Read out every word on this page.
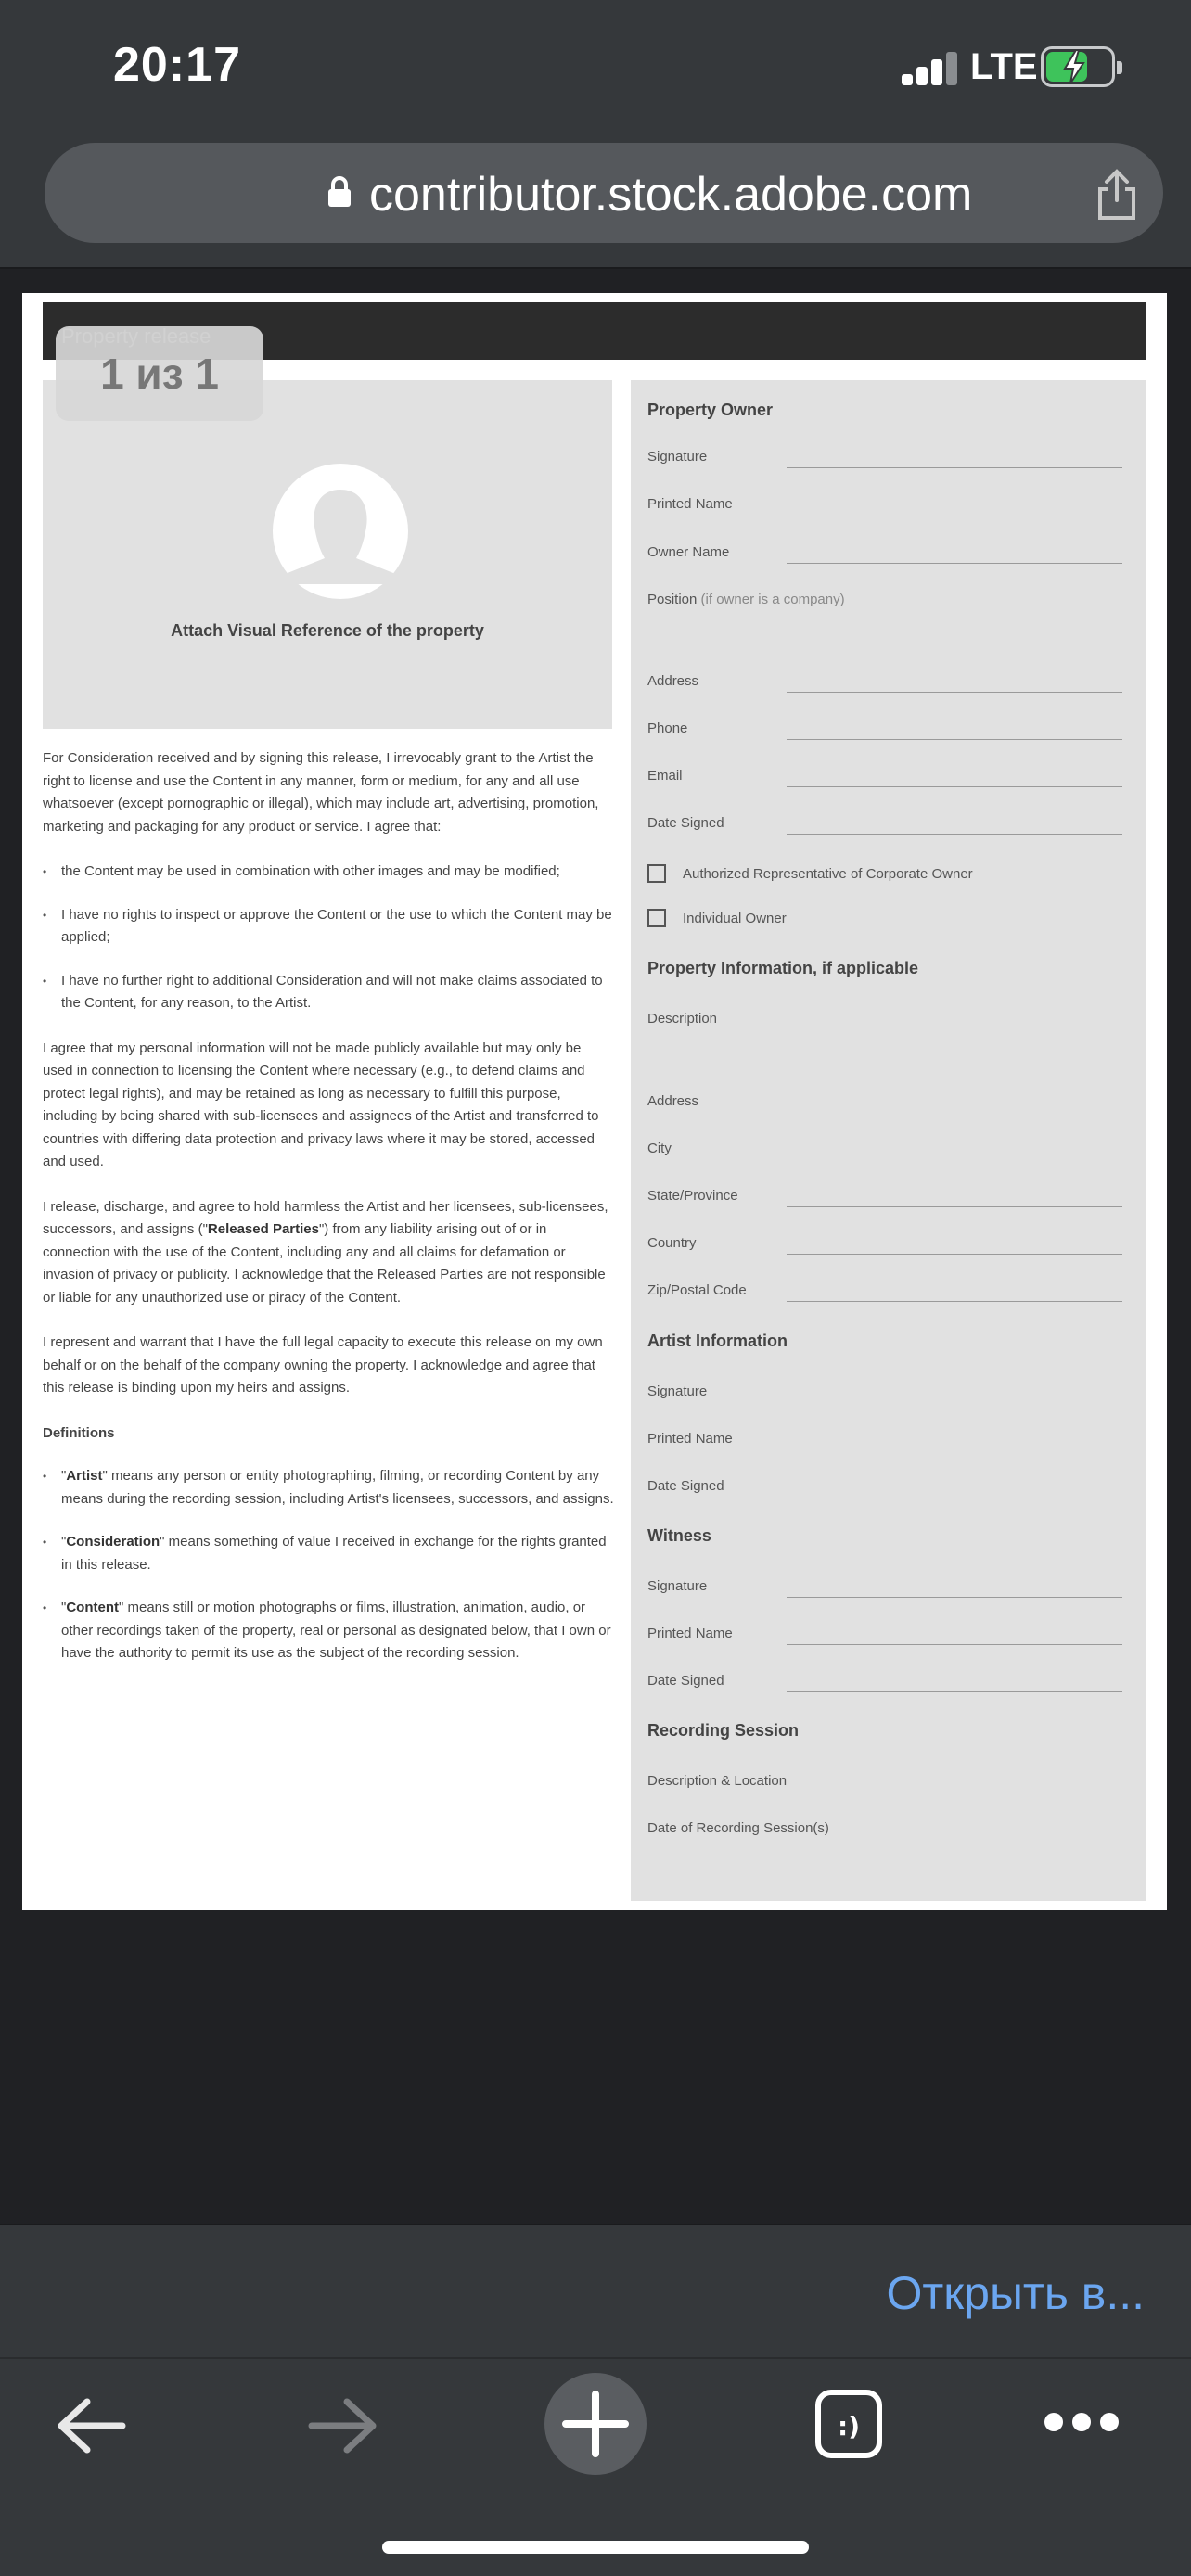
20:17	LTE
contributor.stock.adobe.com
Attach Visual Reference of the property

For Consideration received and by signing this release, I irrevocably grant to the Artist the right to license and use the Content in any manner, form or medium, for any and all use whatsoever (except pornographic or illegal), which may include art, advertising, promotion, marketing and packaging for any product or service. I agree that:

• the Content may be used in combination with other images and may be modified;
• I have no rights to inspect or approve the Content or the use to which the Content may be applied;
• I have no further right to additional Consideration and will not make claims associated to the Content, for any reason, to the Artist.

I agree that my personal information will not be made publicly available but may only be used in connection to licensing the Content where necessary (e.g., to defend claims and protect legal rights), and may be retained as long as necessary to fulfill this purpose, including by being shared with sub-licensees and assignees of the Artist and transferred to countries with differing data protection and privacy laws where it may be stored, accessed and used.

I release, discharge, and agree to hold harmless the Artist and her licensees, sub-licensees, successors, and assigns ("Released Parties") from any liability arising out of or in connection with the use of the Content, including any and all claims for defamation or invasion of privacy or publicity. I acknowledge that the Released Parties are not responsible or liable for any unauthorized use or piracy of the Content.

I represent and warrant that I have the full legal capacity to execute this release on my own behalf or on the behalf of the company owning the property. I acknowledge and agree that this release is binding upon my heirs and assigns.

Definitions
• "Artist" means any person or entity photographing, filming, or recording Content by any means during the recording session, including Artist's licensees, successors, and assigns.
• "Consideration" means something of value I received in exchange for the rights granted in this release.
• "Content" means still or motion photographs or films, illustration, animation, audio, or other recordings taken of the property, real or personal as designated below, that I own or have the authority to permit its use as the subject of the recording session.
Property Owner
Signature
Printed Name
Owner Name
Position (if owner is a company)
Address
Phone
Email
Date Signed
Authorized Representative of Corporate Owner
Individual Owner
Property Information, if applicable
Description
Address
City
State/Province
Country
Zip/Postal Code
Artist Information
Signature
Printed Name
Date Signed
Witness
Signature
Printed Name
Date Signed
Recording Session
Description & Location
Date of Recording Session(s)
1 из 1
Открыть в...
:)
